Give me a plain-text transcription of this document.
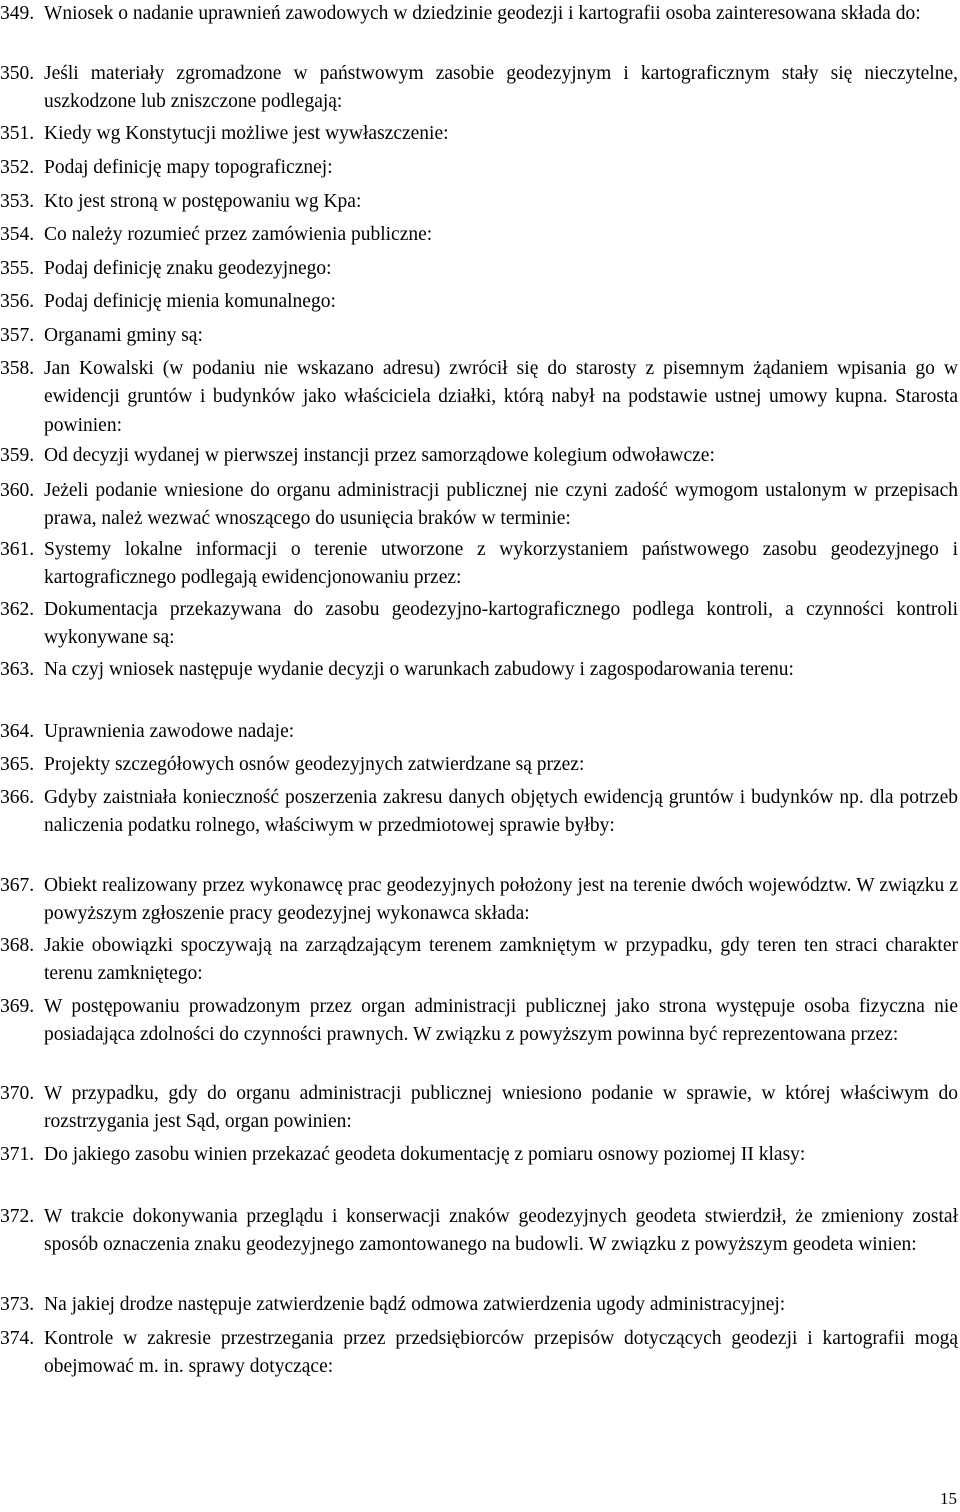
349. Wniosek o nadanie uprawnień zawodowych w dziedzinie geodezji i kartografii osoba zainteresowana składa do:
350. Jeśli materiały zgromadzone w państwowym zasobie geodezyjnym i kartograficznym stały się nieczytelne, uszkodzone lub zniszczone podlegają:
351. Kiedy wg Konstytucji możliwe jest wywłaszczenie:
352. Podaj definicję mapy topograficznej:
353. Kto jest stroną w postępowaniu wg Kpa:
354. Co należy rozumieć przez zamówienia publiczne:
355. Podaj definicję znaku geodezyjnego:
356. Podaj definicję mienia komunalnego:
357. Organami gminy są:
358. Jan Kowalski (w podaniu nie wskazano adresu) zwrócił się do starosty z pisemnym żądaniem wpisania go w ewidencji gruntów i budynków jako właściciela działki, którą nabył na podstawie ustnej umowy kupna. Starosta powinien:
359. Od decyzji wydanej w pierwszej instancji przez samorządowe kolegium odwoławcze:
360. Jeżeli podanie wniesione do organu administracji publicznej nie czyni zadość wymogom ustalonym w przepisach prawa, należ wezwać wnoszącego do usunięcia braków w terminie:
361. Systemy lokalne informacji o terenie utworzone z wykorzystaniem państwowego zasobu geodezyjnego i kartograficznego podlegają ewidencjonowaniu przez:
362. Dokumentacja przekazywana do zasobu geodezyjno-kartograficznego podlega kontroli, a czynności kontroli wykonywane są:
363. Na czyj wniosek następuje wydanie decyzji o warunkach zabudowy i zagospodarowania terenu:
364. Uprawnienia zawodowe nadaje:
365. Projekty szczegółowych osnów geodezyjnych zatwierdzane są przez:
366. Gdyby zaistniała konieczność poszerzenia zakresu danych objętych ewidencją gruntów i budynków np. dla potrzeb naliczenia podatku rolnego, właściwym w przedmiotowej sprawie byłby:
367. Obiekt realizowany przez wykonawcę prac geodezyjnych położony jest na terenie dwóch województw. W związku z powyższym zgłoszenie pracy geodezyjnej wykonawca składa:
368. Jakie obowiązki spoczywają na zarządzającym terenem zamkniętym w przypadku, gdy teren ten straci charakter terenu zamkniętego:
369. W postępowaniu prowadzonym przez organ administracji publicznej jako strona występuje osoba fizyczna nie posiadająca zdolności do czynności prawnych. W związku z powyższym powinna być reprezentowana przez:
370. W przypadku, gdy do organu administracji publicznej wniesiono podanie w sprawie, w której właściwym do rozstrzygania jest Sąd, organ powinien:
371. Do jakiego zasobu winien przekazać geodeta dokumentację z pomiaru osnowy poziomej II klasy:
372. W trakcie dokonywania przeglądu i konserwacji znaków geodezyjnych geodeta stwierdził, że zmieniony został sposób oznaczenia znaku geodezyjnego zamontowanego na budowli. W związku z powyższym geodeta winien:
373. Na jakiej drodze następuje zatwierdzenie bądź odmowa zatwierdzenia ugody administracyjnej:
374. Kontrole w zakresie przestrzegania przez przedsiębiorców przepisów dotyczących geodezji i kartografii mogą obejmować m. in. sprawy dotyczące:
15
